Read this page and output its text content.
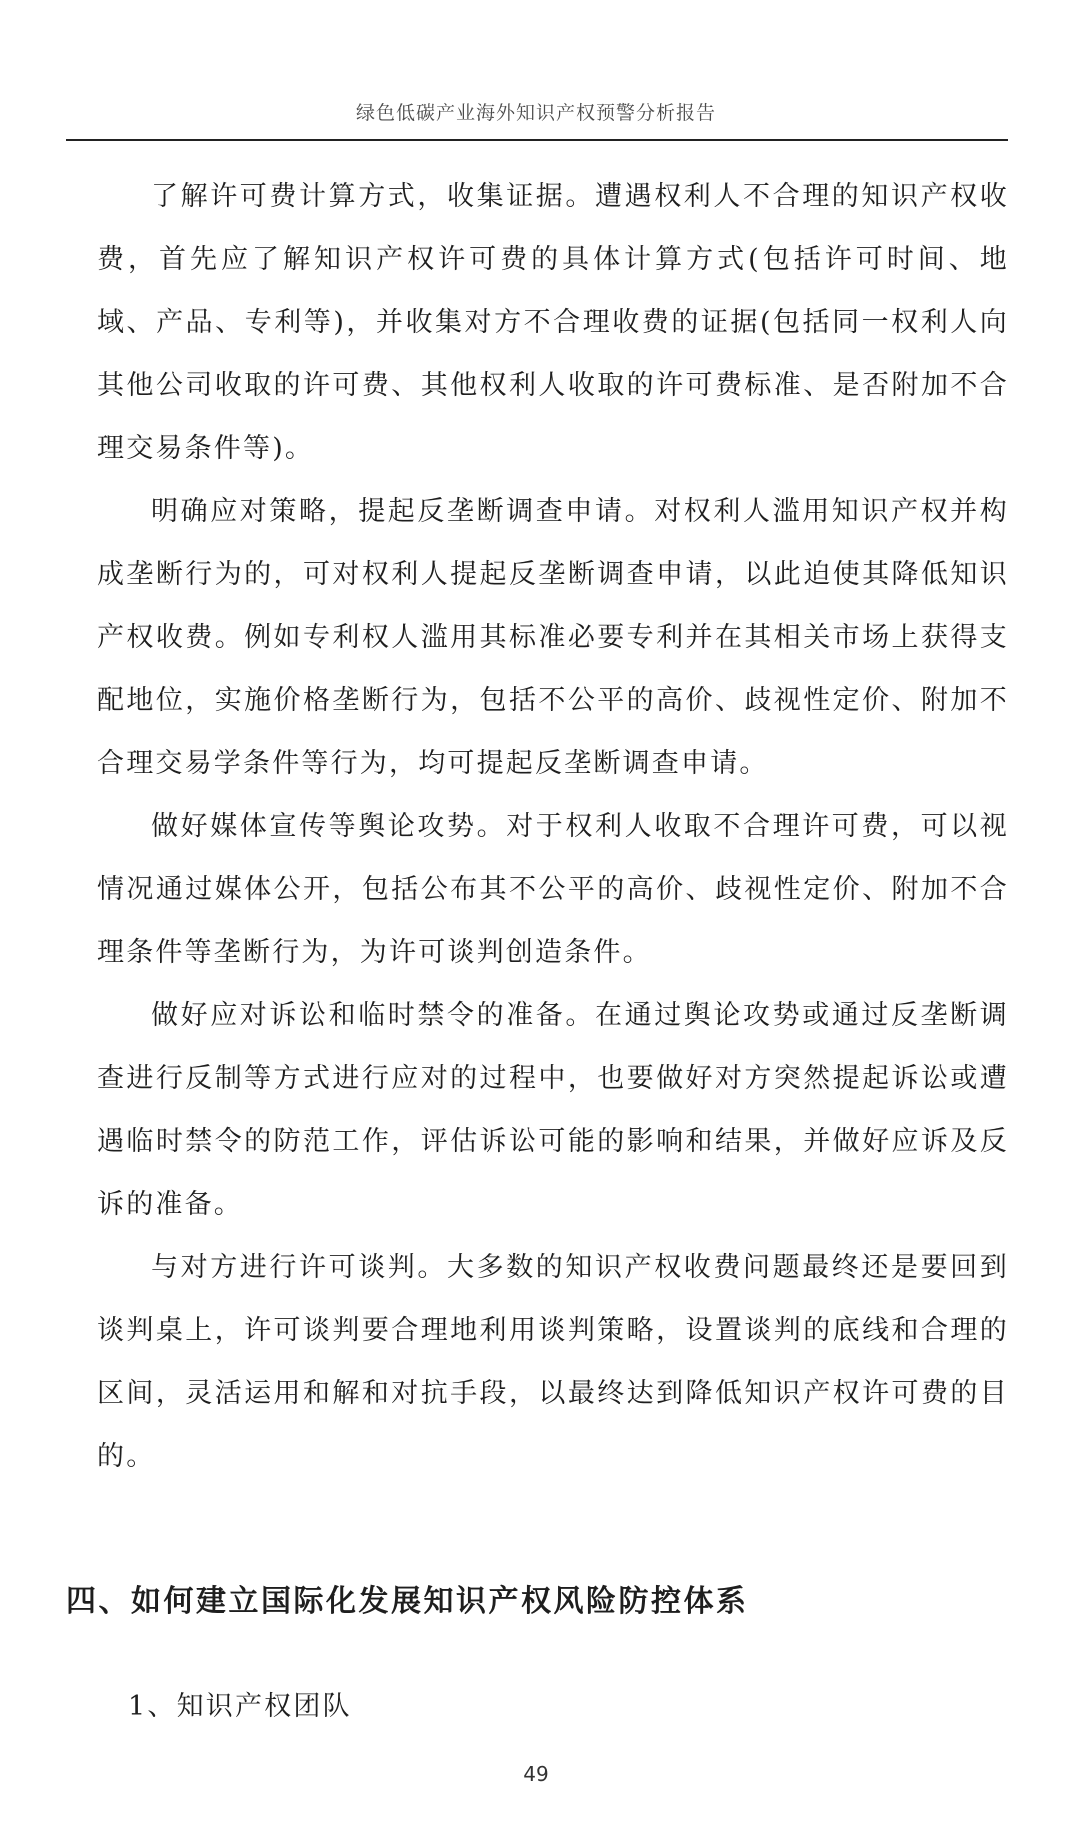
绿色低碳产业海外知识产权预警分析报告

了解许可费计算方式，收集证据。遭遇权利人不合理的知识产权收费，首先应了解知识产权许可费的具体计算方式(包括许可时间、地域、产品、专利等)，并收集对方不合理收费的证据(包括同一权利人向其他公司收取的许可费、其他权利人收取的许可费标准、是否附加不合理交易条件等)。

明确应对策略，提起反垄断调查申请。对权利人滥用知识产权并构成垄断行为的，可对权利人提起反垄断调查申请，以此迫使其降低知识产权收费。例如专利权人滥用其标准必要专利并在其相关市场上获得支配地位，实施价格垄断行为，包括不公平的高价、歧视性定价、附加不合理交易学条件等行为，均可提起反垄断调查申请。

做好媒体宣传等舆论攻势。对于权利人收取不合理许可费，可以视情况通过媒体公开，包括公布其不公平的高价、歧视性定价、附加不合理条件等垄断行为，为许可谈判创造条件。

做好应对诉讼和临时禁令的准备。在通过舆论攻势或通过反垄断调查进行反制等方式进行应对的过程中，也要做好对方突然提起诉讼或遭遇临时禁令的防范工作，评估诉讼可能的影响和结果，并做好应诉及反诉的准备。

与对方进行许可谈判。大多数的知识产权收费问题最终还是要回到谈判桌上，许可谈判要合理地利用谈判策略，设置谈判的底线和合理的区间，灵活运用和解和对抗手段，以最终达到降低知识产权许可费的目的。

四、如何建立国际化发展知识产权风险防控体系
1、知识产权团队
49
